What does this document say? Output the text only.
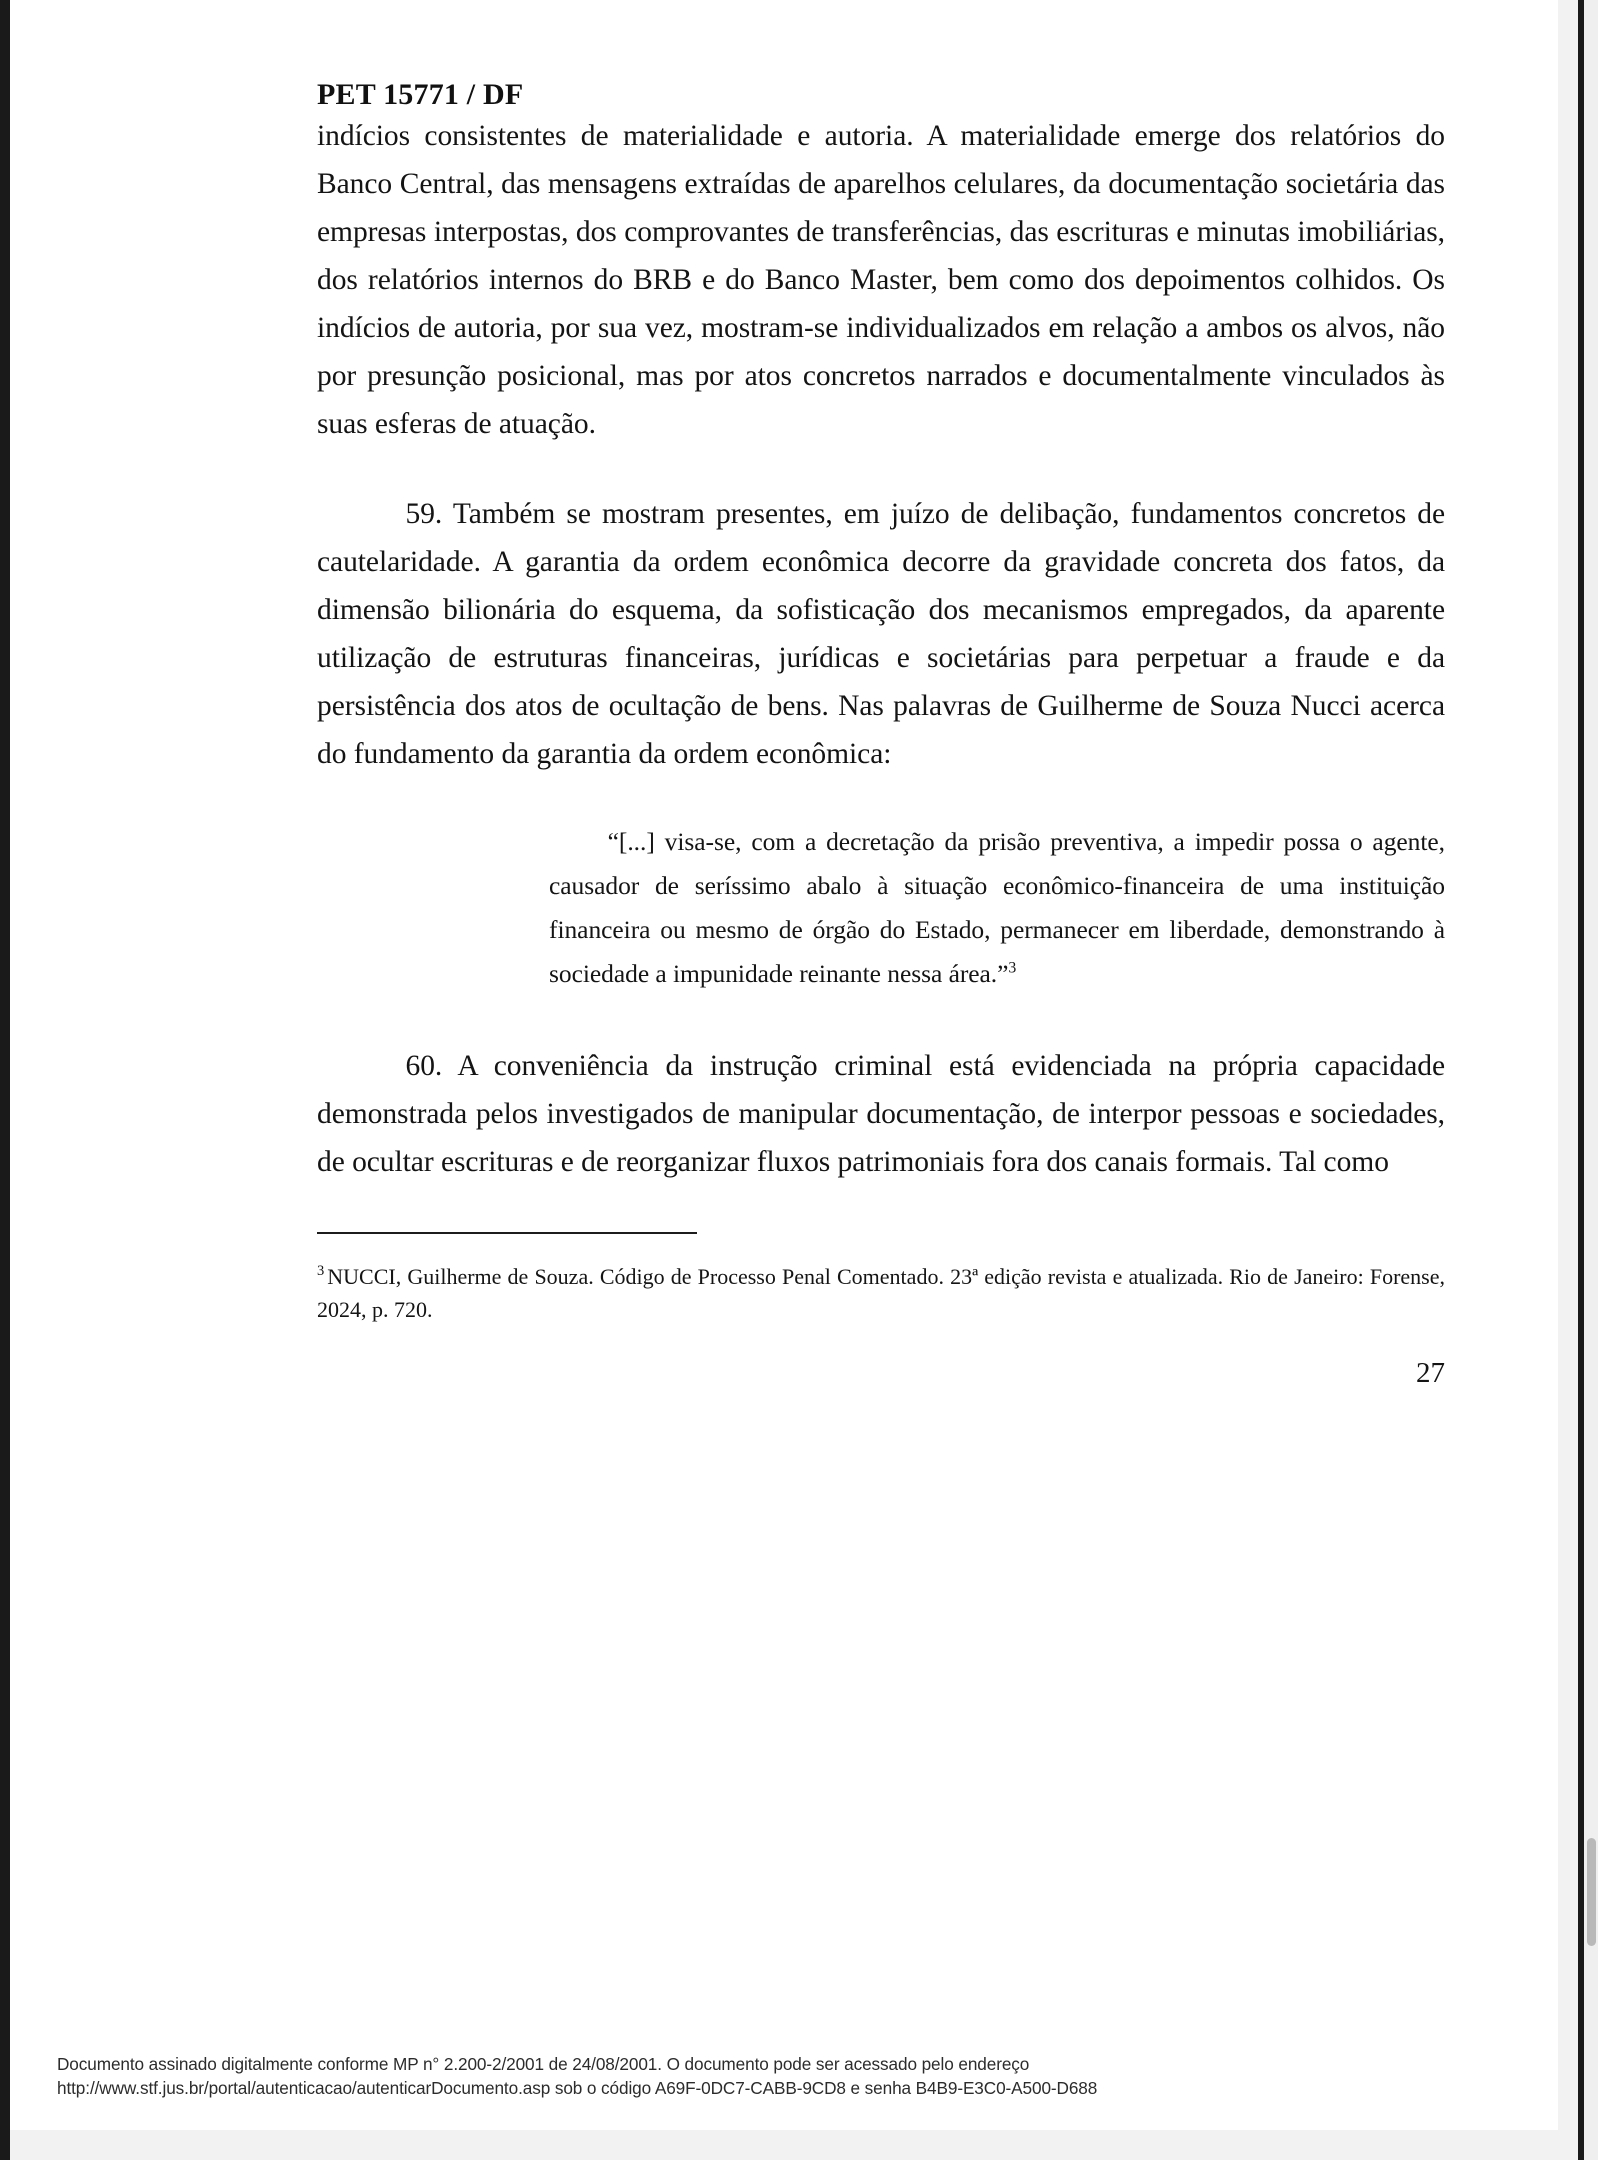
PET 15771 / DF

indícios consistentes de materialidade e autoria. A materialidade emerge dos relatórios do Banco Central, das mensagens extraídas de aparelhos celulares, da documentação societária das empresas interpostas, dos comprovantes de transferências, das escrituras e minutas imobiliárias, dos relatórios internos do BRB e do Banco Master, bem como dos depoimentos colhidos. Os indícios de autoria, por sua vez, mostram-se individualizados em relação a ambos os alvos, não por presunção posicional, mas por atos concretos narrados e documentalmente vinculados às suas esferas de atuação.

59. Também se mostram presentes, em juízo de delibação, fundamentos concretos de cautelaridade. A garantia da ordem econômica decorre da gravidade concreta dos fatos, da dimensão bilionária do esquema, da sofisticação dos mecanismos empregados, da aparente utilização de estruturas financeiras, jurídicas e societárias para perpetuar a fraude e da persistência dos atos de ocultação de bens. Nas palavras de Guilherme de Souza Nucci acerca do fundamento da garantia da ordem econômica:

“[...] visa-se, com a decretação da prisão preventiva, a impedir possa o agente, causador de seríssimo abalo à situação econômico-financeira de uma instituição financeira ou mesmo de órgão do Estado, permanecer em liberdade, demonstrando à sociedade a impunidade reinante nessa área.”$^3$

60. A conveniência da instrução criminal está evidenciada na própria capacidade demonstrada pelos investigados de manipular documentação, de interpor pessoas e sociedades, de ocultar escrituras e de reorganizar fluxos patrimoniais fora dos canais formais. Tal como

$^3$ NUCCI, Guilherme de Souza. Código de Processo Penal Comentado. 23ª edição revista e atualizada. Rio de Janeiro: Forense, 2024, p. 720.
27
Documento assinado digitalmente conforme MP n° 2.200-2/2001 de 24/08/2001. O documento pode ser acessado pelo endereço
http://www.stf.jus.br/portal/autenticacao/autenticarDocumento.asp sob o código A69F-0DC7-CABB-9CD8 e senha B4B9-E3C0-A500-D688
